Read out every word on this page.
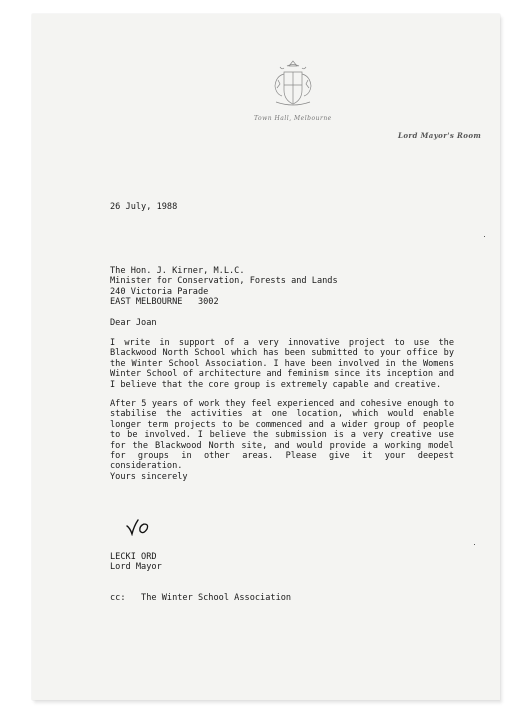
Town Hall, Melbourne
Lord Mayor's Room
26 July, 1988
The Hon. J. Kirner, M.L.C.
Minister for Conservation, Forests and Lands
240 Victoria Parade
EAST MELBOURNE   3002
Dear Joan
I write in support of a very innovative project to use the Blackwood North School which has been submitted to your office by the Winter School Association. I have been involved in the Womens Winter School of architecture and feminism since its inception and I believe that the core group is extremely capable and creative.
After 5 years of work they feel experienced and cohesive enough to stabilise the activities at one location, which would enable longer term projects to be commenced and a wider group of people to be involved. I believe the submission is a very creative use for the Blackwood North site, and would provide a working model for groups in other areas. Please give it your deepest consideration.
Yours sincerely
LECKI ORD
Lord Mayor
cc:   The Winter School Association
